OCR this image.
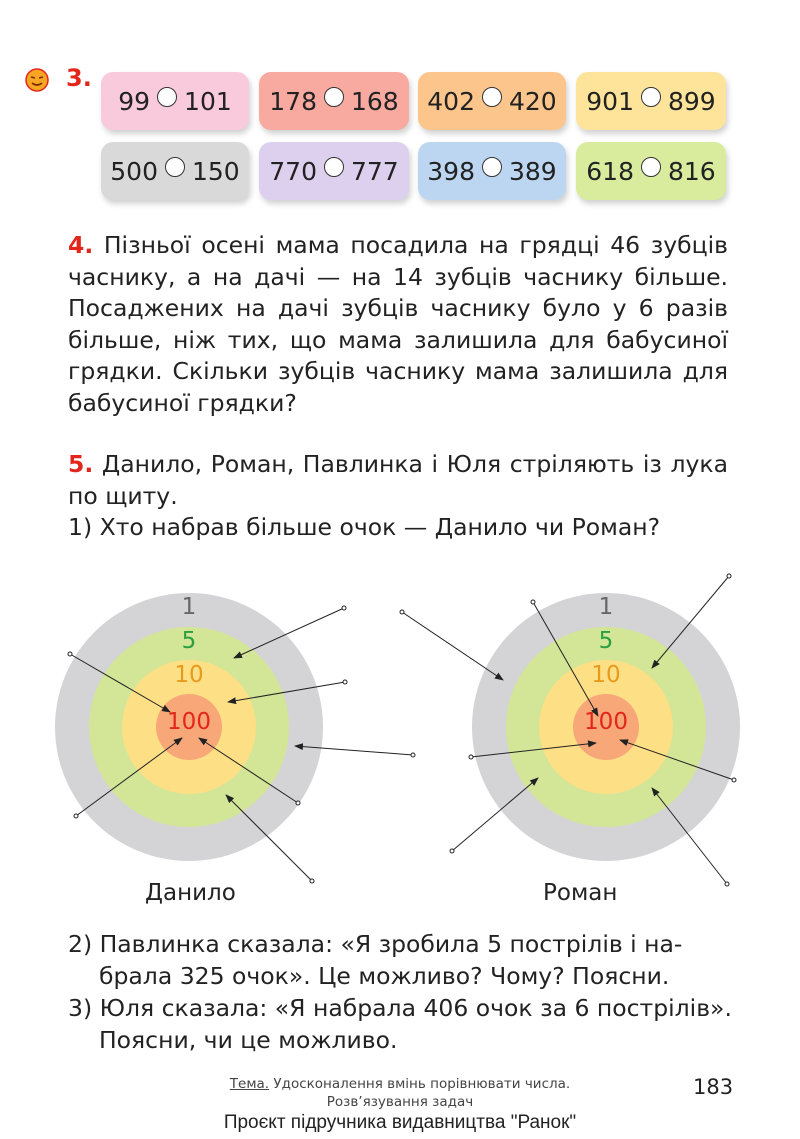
3.
99 101 178 168 402 420 901 899
500 150 770 777 398 389 618 816
4. Пізньої осені мама посадила на грядці 46 зубців часнику, а на дачі — на 14 зубців часнику більше. Посаджених на дачі зубців часнику було у 6 разів більше, ніж тих, що мама залишила для бабусиної грядки. Скільки зубців часнику мама залишила для бабусиної грядки?
5. Данило, Роман, Павлинка і Юля стріляють із лука по щиту.
1) Хто набрав більше очок — Данило чи Роман?
1
5
10
100
1
5
10
100
Данило	Роман
2) Павлинка сказала: «Я зробила 5 пострілів і на-
брала 325 очок». Це можливо? Чому? Поясни.
3) Юля сказала: «Я набрала 406 очок за 6 пострілів».
Поясни, чи це можливо.
Тема. Удосконалення вмінь порівнювати числа.
Розв’язування задач
183
Проєкт підручника видавництва "Ранок"
